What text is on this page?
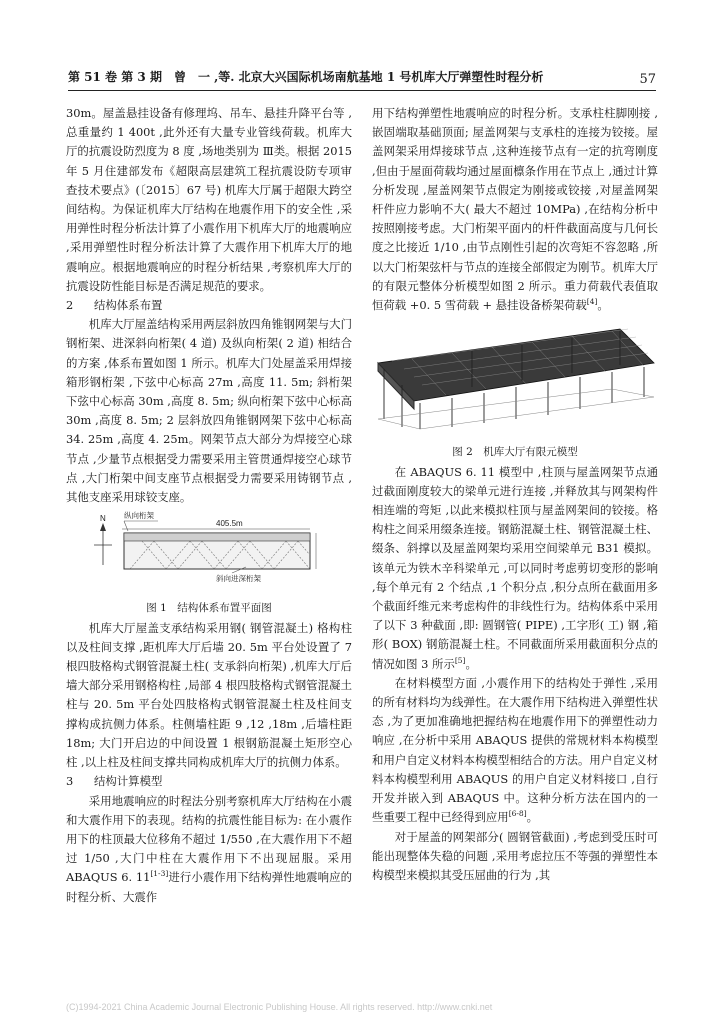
第 51 卷 第 3 期　曾　一 ,等. 北京大兴国际机场南航基地 1 号机库大厅弹塑性时程分析	57

30m。屋盖悬挂设备有修理坞、吊车、悬挂升降平台等 ,总重量约 1 400t ,此外还有大量专业管线荷载。机库大厅的抗震设防烈度为 8 度 ,场地类别为 Ⅲ类。根据 2015 年 5 月住建部发布《超限高层建筑工程抗震设防专项审查技术要点》(〔2015〕67 号) 机库大厅属于超限大跨空间结构。为保证机库大厅结构在地震作用下的安全性 ,采用弹性时程分析法计算了小震作用下机库大厅的地震响应 ,采用弹塑性时程分析法计算了大震作用下机库大厅的地震响应。根据地震响应的时程分析结果 ,考察机库大厅的抗震设防性能目标是否满足规范的要求。

2 结构体系布置

机库大厅屋盖结构采用两层斜放四角锥钢网架与大门钢桁架、进深斜向桁架( 4 道) 及纵向桁架( 2 道) 相结合的方案 ,体系布置如图 1 所示。机库大门处屋盖采用焊接箱形钢桁架 ,下弦中心标高 27m ,高度 11. 5m; 斜桁架下弦中心标高 30m ,高度 8. 5m; 纵向桁架下弦中心标高 30m ,高度 8. 5m; 2 层斜放四角锥钢网架下弦中心标高 34. 25m ,高度 4. 25m。网架节点大部分为焊接空心球节点 ,少量节点根据受力需要采用主管贯通焊接空心球节点 ,大门桁架中间支座节点根据受力需要采用铸钢节点 ,其他支座采用球铰支座。

N 纵向桁架
405.5m
斜向进深桁架

图 1　结构体系布置平面图

机库大厅屋盖支承结构采用钢( 钢管混凝土) 格构柱以及柱间支撑 ,距机库大厅后墙 20. 5m 平台处设置了 7 根四肢格构式钢管混凝土柱( 支承斜向桁架) ,机库大厅后墙大部分采用钢格构柱 ,局部 4 根四肢格构式钢管混凝土柱与 20. 5m 平台处四肢格构式钢管混凝土柱及柱间支撑构成抗侧力体系。柱侧墙柱距 9 ,12 ,18m ,后墙柱距 18m; 大门开启边的中间设置 1 根钢筋混凝土矩形空心柱 ,以上柱及柱间支撑共同构成机库大厅的抗侧力体系。

3 结构计算模型

采用地震响应的时程法分别考察机库大厅结构在小震和大震作用下的表现。结构的抗震性能目标为: 在小震作用下的柱顶最大位移角不超过 1/550 ,在大震作用下不超过 1/50 ,大门中柱在大震作用下不出现屈服。采用 ABAQUS 6. 11[1-3]进行小震作用下结构弹性地震响应的时程分析、大震作

用下结构弹塑性地震响应的时程分析。支承柱柱脚刚接 ,嵌固端取基础顶面; 屋盖网架与支承柱的连接为铰接。屋盖网架采用焊接球节点 ,这种连接节点有一定的抗弯刚度 ,但由于屋面荷载均通过屋面檩条作用在节点上 ,通过计算分析发现 ,屋盖网架节点假定为刚接或铰接 ,对屋盖网架杆件应力影响不大( 最大不超过 10MPa) ,在结构分析中按照刚接考虑。大门桁架平面内的杆件截面高度与几何长度之比接近 1/10 ,由节点刚性引起的次弯矩不容忽略 ,所以大门桁架弦杆与节点的连接全部假定为刚节。机库大厅的有限元整体分析模型如图 2 所示。重力荷载代表值取恒荷载 +0. 5 雪荷载 + 悬挂设备桥架荷载[4]。

图 2　机库大厅有限元模型

在 ABAQUS 6. 11 模型中 ,柱顶与屋盖网架节点通过截面刚度较大的梁单元进行连接 ,并释放其与网架构件相连端的弯矩 ,以此来模拟柱顶与屋盖网架间的铰接。格构柱之间采用缀条连接。钢筋混凝土柱、钢管混凝土柱、缀条、斜撑以及屋盖网架均采用空间梁单元 B31 模拟。该单元为铁木辛科梁单元 ,可以同时考虑剪切变形的影响 ,每个单元有 2 个结点 ,1 个积分点 ,积分点所在截面用多个截面纤维元来考虑构件的非线性行为。结构体系中采用了以下 3 种截面 ,即: 圆钢管( PIPE) ,工字形( 工) 钢 ,箱形( BOX) 钢筋混凝土柱。不同截面所采用截面积分点的情况如图 3 所示[5]。

在材料模型方面 ,小震作用下的结构处于弹性 ,采用的所有材料均为线弹性。在大震作用下结构进入弹塑性状态 ,为了更加准确地把握结构在地震作用下的弹塑性动力响应 ,在分析中采用 ABAQUS 提供的常规材料本构模型和用户自定义材料本构模型相结合的方法。用户自定义材料本构模型利用 ABAQUS 的用户自定义材料接口 ,自行开发并嵌入到 ABAQUS 中。这种分析方法在国内的一些重要工程中已经得到应用[6-8]。

对于屋盖的网架部分( 圆钢管截面) ,考虑到受压时可能出现整体失稳的问题 ,采用考虑拉压不等强的弹塑性本构模型来模拟其受压屈曲的行为 ,其

(C)1994-2021 China Academic Journal Electronic Publishing House. All rights reserved. http://www.cnki.net
